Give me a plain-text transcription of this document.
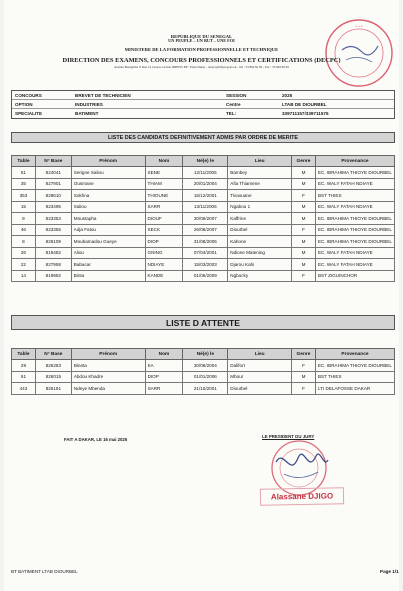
* * *
REPUBLIQUE DU SENEGAL
UN PEUPLE – UN BUT – UNE FOI
MINISTERE DE LA FORMATION PROFESSIONNELLE ET TECHNIQUE
DIRECTION DES EXAMENS, CONCOURS PROFESSIONNELS ET CERTIFICATIONS (DECPC)
Avenue Bourguiba X Rue 14 Castors ex-Inst IDHESS BP : Point Dakar - decpc@mfpai.gouv.sn - Tel : 33 864 82 99 - Fax : 33 864 82 99
CONCOURS	BREVET DE TECHNICIEN	SESSION	2025
OPTION	INDUSTRIES	Centre	LTAB DE DIOURBEL
SPECIALITE	BATIMENT	TEL:	339711157/339711576
LISTE DES CANDIDATS DEFINITIVEMENT ADMIS PAR ORDRE DE MERITE
Table	N° Base	Prénom	Nom	Né(e) le	Lieu	Genre	Provenance
51	824041	Serigne Saliou	SENE	12/11/2005	Bambey	M	EC. IBRAHIMA THIOYE DIOURBEL
35	827901	Ousmane	THIAM	20/01/2004	Afia Thiamene	M	EC. WALY FATAH NDIAYE
353	828610	Sokhna	THIOUNE	15/12/2001	Tivaouane	F	BST THIES
15	823495	Saliou	SARR	13/11/2006	Ngabou 1	M	EC. WALY FATAH NDIAYE
9	823353	Moustapha	DIOUF	30/09/2007	Kaffrine	M	EC. IBRAHIMA THIOYE DIOURBEL
46	823355	Adja Fatou	SECK	26/08/2007	Diourbel	F	EC. IBRAHIMA THIOYE DIOURBEL
8	826109	Moubamadou Gueye	DIOP	31/08/2005	Kahone	M	EC. IBRAHIMA THIOYE DIOURBEL
26	819482	Aliou	GNING	07/04/2001	Ndione Matening	M	EC. WALY FATAH NDIAYE
22	827958	Babacar	NDIAYE	15/03/2003	Djarou Kahi	M	EC. WALY FATAH NDIAYE
14	819992	Binta	KANDE	01/06/2009	Ngbocky	F	BST ZIGUINCHOR
LISTE D ATTENTE
Table	N° Base	Prénom	Nom	Né(e) le	Lieu	Genre	Provenance
29	826283	Bineta	KA	30/08/2004	Dalifort	F	EC. IBRAHIMA THIOYE DIOURBEL
61	826015	Abdou Khadre	DIOP	01/01/2006	Mbour	M	BST THIES
443	826191	Ndeye Mbenda	SARR	21/10/2001	Diourbel	F	LTI DELAFOSSE DAKAR
FAIT A DAKAR, LE 16 mai 2025
LE PRESIDENT DU JURY
Alassane DJIGO
BT BATIMENT LTAB DIOURBEL	Page 1/1
